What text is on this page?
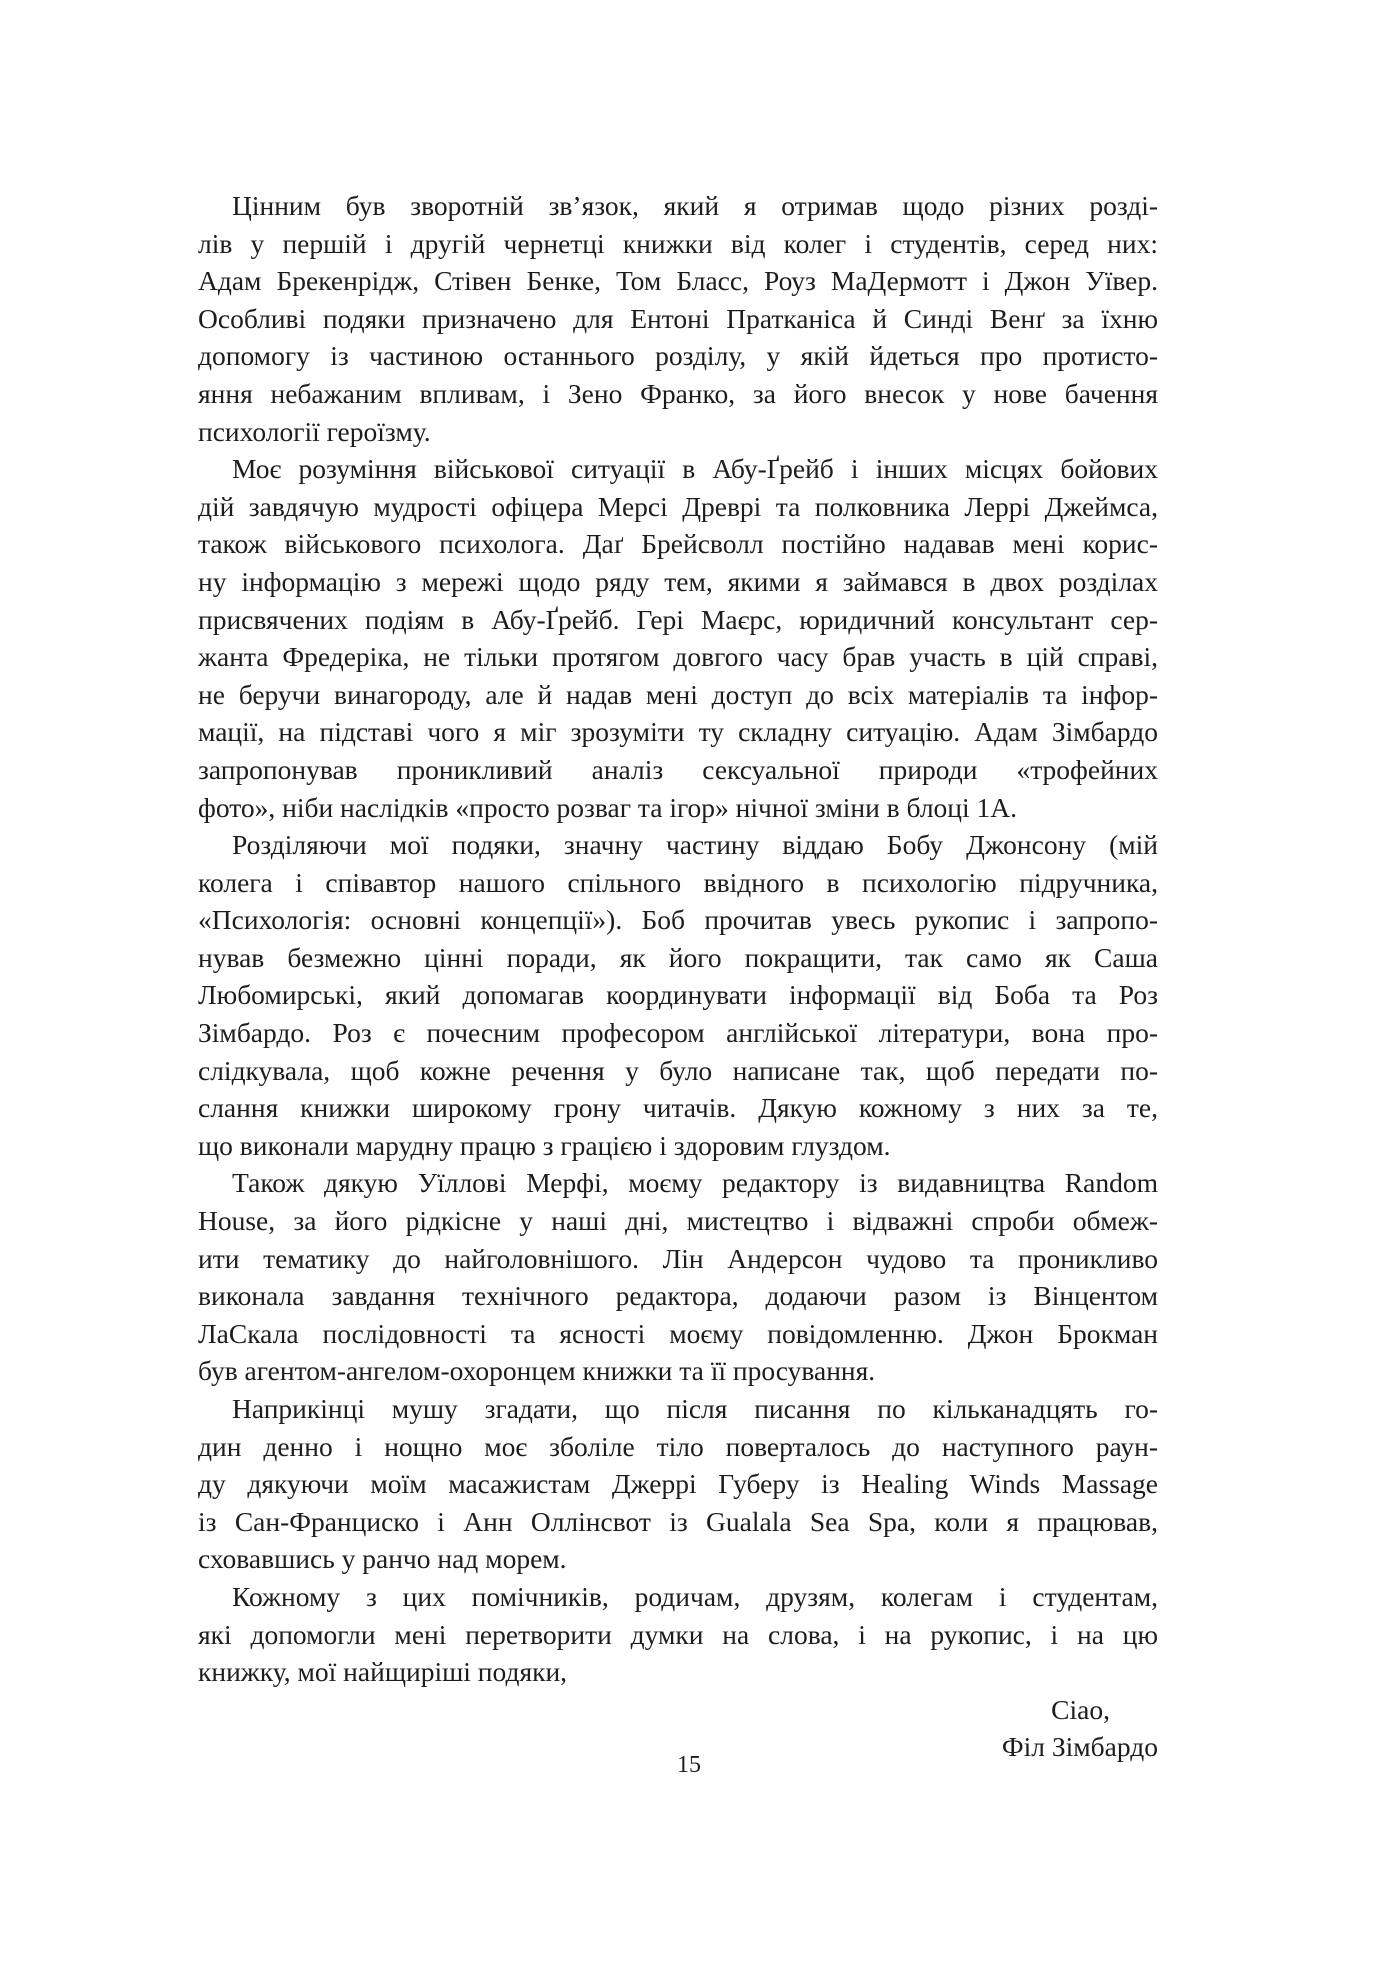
Цінним був зворотній зв’язок, який я отримав щодо різних розді-
лів у першій і другій чернетці книжки від колег і студентів, серед них:
Адам Брекенрідж, Стівен Бенке, Том Бласс, Роуз МаДермотт і Джон Уївер.
Особливі подяки призначено для Ентоні Пратканіса й Синді Венґ за їхню
допомогу із частиною останнього розділу, у якій йдеться про протисто-
яння небажаним впливам, і Зено Франко, за його внесок у нове бачення
психології героїзму.
Моє розуміння військової ситуації в Абу-Ґрейб і інших місцях бойових
дій завдячую мудрості офіцера Мерсі Древрі та полковника Леррі Джеймса,
також військового психолога. Даґ Брейсволл постійно надавав мені корис-
ну інформацію з мережі щодо ряду тем, якими я займався в двох розділах
присвячених подіям в Абу-Ґрейб. Гері Маєрс, юридичний консультант сер-
жанта Фредеріка, не тільки протягом довгого часу брав участь в цій справі,
не беручи винагороду, але й надав мені доступ до всіх матеріалів та інфор-
мації, на підставі чого я міг зрозуміти ту складну ситуацію. Адам Зімбардо
запропонував проникливий аналіз сексуальної природи «трофейних
фото», ніби наслідків «просто розваг та ігор» нічної зміни в блоці 1А.
Розділяючи мої подяки, значну частину віддаю Бобу Джонсону (мій
колега і співавтор нашого спільного ввідного в психологію підручника,
«Психологія: основні концепції»). Боб прочитав увесь рукопис і запропо-
нував безмежно цінні поради, як його покращити, так само як Саша
Любомирські, який допомагав координувати інформації від Боба та Роз
Зімбардо. Роз є почесним професором англійської літератури, вона про-
слідкувала, щоб кожне речення у було написане так, щоб передати по-
слання книжки широкому грону читачів. Дякую кожному з них за те,
що виконали марудну працю з грацією і здоровим глуздом.
Також дякую Уїллові Мерфі, моєму редактору із видавництва Random
House, за його рідкісне у наші дні, мистецтво і відважні спроби обмеж-
ити тематику до найголовнішого. Лін Андерсон чудово та проникливо
виконала завдання технічного редактора, додаючи разом із Вінцентом
ЛаСкала послідовності та ясності моєму повідомленню. Джон Брокман
був агентом-ангелом-охоронцем книжки та її просування.
Наприкінці мушу згадати, що після писання по кільканадцять го-
дин денно і нощно моє зболіле тіло поверталось до наступного раун-
ду дякуючи моїм масажистам Джеррі Губеру із Healing Winds Massage
із Сан-Франциско і Анн Оллінсвот із Gualala Sea Spa, коли я працював,
сховавшись у ранчо над морем.
Кожному з цих помічників, родичам, друзям, колегам і студентам,
які допомогли мені перетворити думки на слова, і на рукопис, і на цю
книжку, мої найщиріші подяки,
Ciao,
Філ Зімбардо
15
